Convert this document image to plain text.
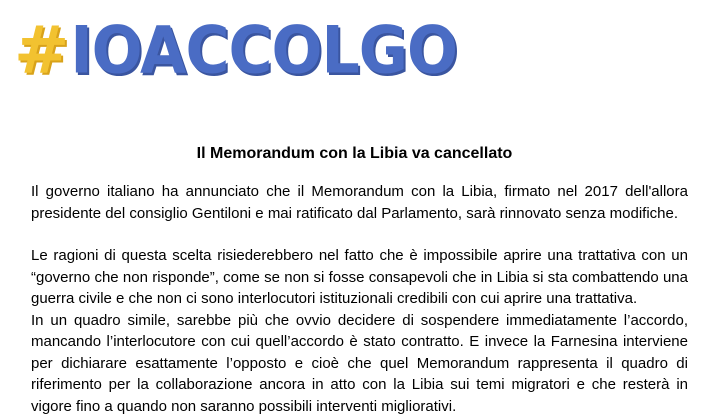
# IOACCOLGO
Il Memorandum con la Libia va cancellato

Il governo italiano ha annunciato che il Memorandum con la Libia, firmato nel 2017 dell'allora presidente del consiglio Gentiloni e mai ratificato dal Parlamento, sarà rinnovato senza modifiche.

Le ragioni di questa scelta risiederebbero nel fatto che è impossibile aprire una trattativa con un “governo che non risponde”, come se non si fosse consapevoli che in Libia si sta combattendo una guerra civile e che non ci sono interlocutori istituzionali credibili con cui aprire una trattativa.

In un quadro simile, sarebbe più che ovvio decidere di sospendere immediatamente l’accordo, mancando l’interlocutore con cui quell’accordo è stato contratto. E invece la Farnesina interviene per dichiarare esattamente l’opposto e cioè che quel Memorandum rappresenta il quadro di riferimento per la collaborazione ancora in atto con la Libia sui temi migratori e che resterà in vigore fino a quando non saranno possibili interventi migliorativi.
